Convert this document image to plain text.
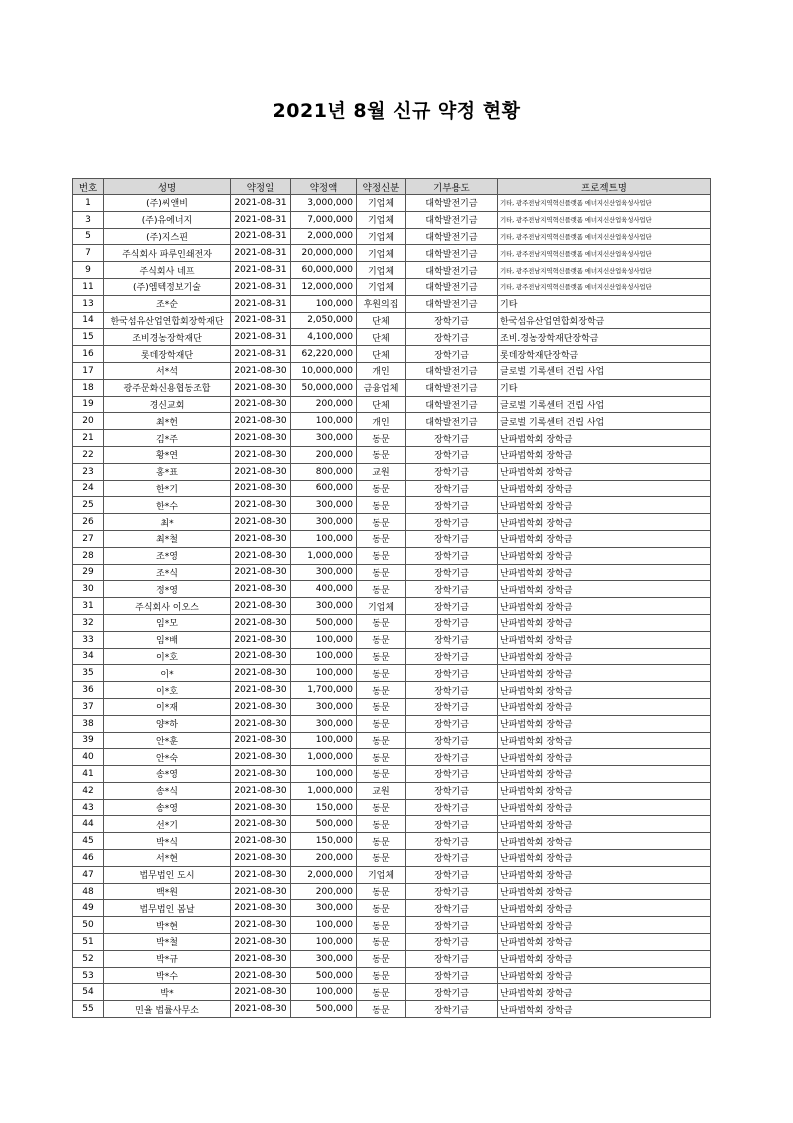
2021년 8월 신규 약정 현황
번호	성명	약정일	약정액	약정신분	기부용도	프로젝트명
1	(주)씨앤비	2021-08-31	3,000,000	기업체	대학발전기금	기타, 광주전남지역혁신플랫폼 에너지신산업육성사업단
3	(주)유에너지	2021-08-31	7,000,000	기업체	대학발전기금	기타, 광주전남지역혁신플랫폼 에너지신산업육성사업단
5	(주)지스핀	2021-08-31	2,000,000	기업체	대학발전기금	기타, 광주전남지역혁신플랫폼 에너지신산업육성사업단
7	주식회사 파루인쇄전자	2021-08-31	20,000,000	기업체	대학발전기금	기타, 광주전남지역혁신플랫폼 에너지신산업육성사업단
9	주식회사 네프	2021-08-31	60,000,000	기업체	대학발전기금	기타, 광주전남지역혁신플랫폼 에너지신산업육성사업단
11	(주)엠텍정보기술	2021-08-31	12,000,000	기업체	대학발전기금	기타, 광주전남지역혁신플랫폼 에너지신산업육성사업단
13	조*순	2021-08-31	100,000	후원의집	대학발전기금	기타
14	한국섬유산업연합회장학재단	2021-08-31	2,050,000	단체	장학기금	한국섬유산업연합회장학금
15	조비경농장학재단	2021-08-31	4,100,000	단체	장학기금	조비.경농장학재단장학금
16	롯데장학재단	2021-08-31	62,220,000	단체	장학기금	롯데장학재단장학금
17	서*석	2021-08-30	10,000,000	개인	대학발전기금	글로벌 기록센터 건립 사업
18	광주문화신용협동조합	2021-08-30	50,000,000	금융업체	대학발전기금	기타
19	경신교회	2021-08-30	200,000	단체	대학발전기금	글로벌 기록센터 건립 사업
20	최*헌	2021-08-30	100,000	개인	대학발전기금	글로벌 기록센터 건립 사업
21	김*주	2021-08-30	300,000	동문	장학기금	난파법학회 장학금
22	황*연	2021-08-30	200,000	동문	장학기금	난파법학회 장학금
23	홍*표	2021-08-30	800,000	교원	장학기금	난파법학회 장학금
24	한*기	2021-08-30	600,000	동문	장학기금	난파법학회 장학금
25	한*수	2021-08-30	300,000	동문	장학기금	난파법학회 장학금
26	최*	2021-08-30	300,000	동문	장학기금	난파법학회 장학금
27	최*철	2021-08-30	100,000	동문	장학기금	난파법학회 장학금
28	조*영	2021-08-30	1,000,000	동문	장학기금	난파법학회 장학금
29	조*식	2021-08-30	300,000	동문	장학기금	난파법학회 장학금
30	정*영	2021-08-30	400,000	동문	장학기금	난파법학회 장학금
31	주식회사 이오스	2021-08-30	300,000	기업체	장학기금	난파법학회 장학금
32	임*모	2021-08-30	500,000	동문	장학기금	난파법학회 장학금
33	임*배	2021-08-30	100,000	동문	장학기금	난파법학회 장학금
34	이*호	2021-08-30	100,000	동문	장학기금	난파법학회 장학금
35	이*	2021-08-30	100,000	동문	장학기금	난파법학회 장학금
36	이*호	2021-08-30	1,700,000	동문	장학기금	난파법학회 장학금
37	이*재	2021-08-30	300,000	동문	장학기금	난파법학회 장학금
38	양*하	2021-08-30	300,000	동문	장학기금	난파법학회 장학금
39	안*훈	2021-08-30	100,000	동문	장학기금	난파법학회 장학금
40	안*숙	2021-08-30	1,000,000	동문	장학기금	난파법학회 장학금
41	송*영	2021-08-30	100,000	동문	장학기금	난파법학회 장학금
42	송*식	2021-08-30	1,000,000	교원	장학기금	난파법학회 장학금
43	송*영	2021-08-30	150,000	동문	장학기금	난파법학회 장학금
44	선*기	2021-08-30	500,000	동문	장학기금	난파법학회 장학금
45	박*식	2021-08-30	150,000	동문	장학기금	난파법학회 장학금
46	서*현	2021-08-30	200,000	동문	장학기금	난파법학회 장학금
47	법무법인 도시	2021-08-30	2,000,000	기업체	장학기금	난파법학회 장학금
48	백*원	2021-08-30	200,000	동문	장학기금	난파법학회 장학금
49	법무법인 봄날	2021-08-30	300,000	동문	장학기금	난파법학회 장학금
50	박*현	2021-08-30	100,000	동문	장학기금	난파법학회 장학금
51	박*철	2021-08-30	100,000	동문	장학기금	난파법학회 장학금
52	박*규	2021-08-30	300,000	동문	장학기금	난파법학회 장학금
53	박*수	2021-08-30	500,000	동문	장학기금	난파법학회 장학금
54	박*	2021-08-30	100,000	동문	장학기금	난파법학회 장학금
55	민율 법률사무소	2021-08-30	500,000	동문	장학기금	난파법학회 장학금
